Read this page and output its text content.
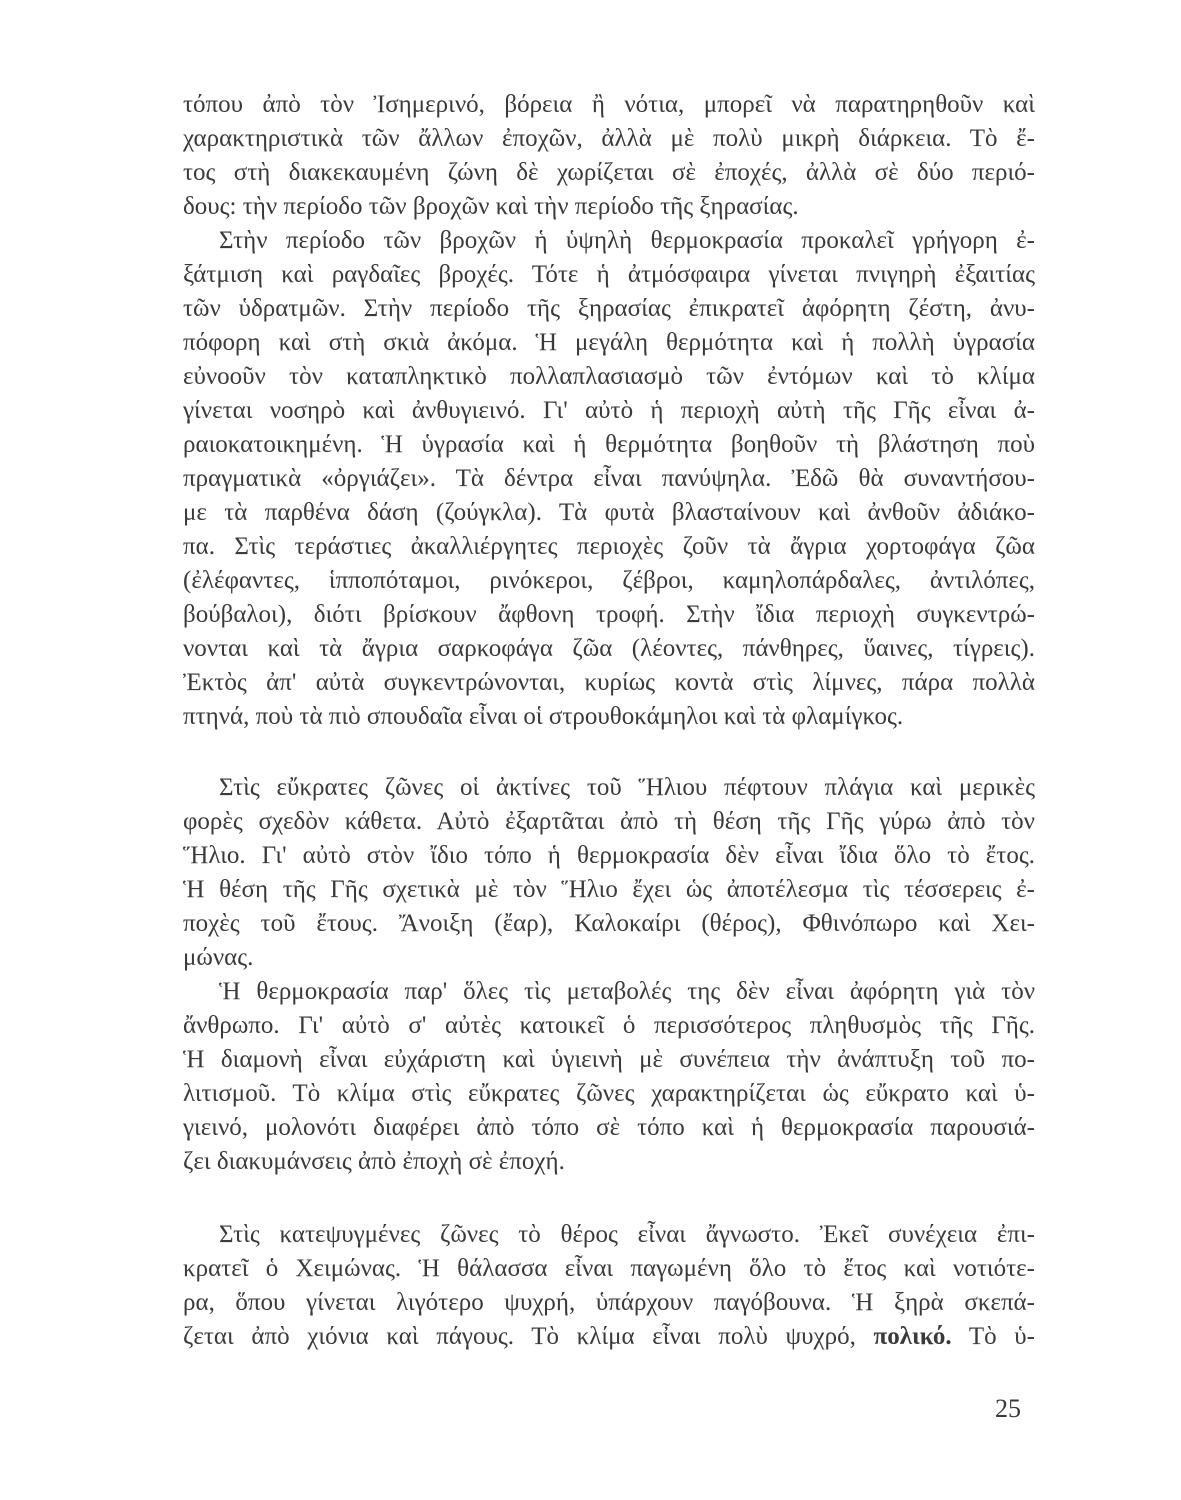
τόπου ἀπὸ τὸν Ἰσημερινό, βόρεια ἢ νότια, μπορεῖ νὰ παρατηρηθοῦν καὶ
χαρακτηριστικὰ τῶν ἄλλων ἐποχῶν, ἀλλὰ μὲ πολὺ μικρὴ διάρκεια. Τὸ ἔ-
τος στὴ διακεκαυμένη ζώνη δὲ χωρίζεται σὲ ἐποχές, ἀλλὰ σὲ δύο περιό-
δους: τὴν περίοδο τῶν βροχῶν καὶ τὴν περίοδο τῆς ξηρασίας.
Στὴν περίοδο τῶν βροχῶν ἡ ὑψηλὴ θερμοκρασία προκαλεῖ γρήγορη ἐ-
ξάτμιση καὶ ραγδαῖες βροχές. Τότε ἡ ἀτμόσφαιρα γίνεται πνιγηρὴ ἐξαιτίας
τῶν ὑδρατμῶν. Στὴν περίοδο τῆς ξηρασίας ἐπικρατεῖ ἀφόρητη ζέστη, ἀνυ-
πόφορη καὶ στὴ σκιὰ ἀκόμα. Ἡ μεγάλη θερμότητα καὶ ἡ πολλὴ ὑγρασία
εὐνοοῦν τὸν καταπληκτικὸ πολλαπλασιασμὸ τῶν ἐντόμων καὶ τὸ κλίμα
γίνεται νοσηρὸ καὶ ἀνθυγιεινό. Γι' αὐτὸ ἡ περιοχὴ αὐτὴ τῆς Γῆς εἶναι ἀ-
ραιοκατοικημένη. Ἡ ὑγρασία καὶ ἡ θερμότητα βοηθοῦν τὴ βλάστηση ποὺ
πραγματικὰ «ὀργιάζει». Τὰ δέντρα εἶναι πανύψηλα. Ἐδῶ θὰ συναντήσου-
με τὰ παρθένα δάση (ζούγκλα). Τὰ φυτὰ βλασταίνουν καὶ ἀνθοῦν ἀδιάκο-
πα. Στὶς τεράστιες ἀκαλλιέργητες περιοχὲς ζοῦν τὰ ἄγρια χορτοφάγα ζῶα
(ἐλέφαντες, ἱπποπόταμοι, ρινόκεροι, ζέβροι, καμηλοπάρδαλες, ἀντιλόπες,
βούβαλοι), διότι βρίσκουν ἄφθονη τροφή. Στὴν ἴδια περιοχὴ συγκεντρώ-
νονται καὶ τὰ ἄγρια σαρκοφάγα ζῶα (λέοντες, πάνθηρες, ὕαινες, τίγρεις).
Ἐκτὸς ἀπ' αὐτὰ συγκεντρώνονται, κυρίως κοντὰ στὶς λίμνες, πάρα πολλὰ
πτηνά, ποὺ τὰ πιὸ σπουδαῖα εἶναι οἱ στρουθοκάμηλοι καὶ τὰ φλαμίγκος.
Στὶς εὔκρατες ζῶνες οἱ ἀκτίνες τοῦ Ἥλιου πέφτουν πλάγια καὶ μερικὲς
φορὲς σχεδὸν κάθετα. Αὐτὸ ἐξαρτᾶται ἀπὸ τὴ θέση τῆς Γῆς γύρω ἀπὸ τὸν
Ἥλιο. Γι' αὐτὸ στὸν ἴδιο τόπο ἡ θερμοκρασία δὲν εἶναι ἴδια ὅλο τὸ ἔτος.
Ἡ θέση τῆς Γῆς σχετικὰ μὲ τὸν Ἥλιο ἔχει ὡς ἀποτέλεσμα τὶς τέσσερεις ἐ-
ποχὲς τοῦ ἔτους. Ἄνοιξη (ἔαρ), Καλοκαίρι (θέρος), Φθινόπωρο καὶ Χει-
μώνας.
Ἡ θερμοκρασία παρ' ὅλες τὶς μεταβολές της δὲν εἶναι ἀφόρητη γιὰ τὸν
ἄνθρωπο. Γι' αὐτὸ σ' αὐτὲς κατοικεῖ ὁ περισσότερος πληθυσμὸς τῆς Γῆς.
Ἡ διαμονὴ εἶναι εὐχάριστη καὶ ὑγιεινὴ μὲ συνέπεια τὴν ἀνάπτυξη τοῦ πο-
λιτισμοῦ. Τὸ κλίμα στὶς εὔκρατες ζῶνες χαρακτηρίζεται ὡς εὔκρατο καὶ ὑ-
γιεινό, μολονότι διαφέρει ἀπὸ τόπο σὲ τόπο καὶ ἡ θερμοκρασία παρουσιά-
ζει διακυμάνσεις ἀπὸ ἐποχὴ σὲ ἐποχή.
Στὶς κατεψυγμένες ζῶνες τὸ θέρος εἶναι ἄγνωστο. Ἐκεῖ συνέχεια ἐπι-
κρατεῖ ὁ Χειμώνας. Ἡ θάλασσα εἶναι παγωμένη ὅλο τὸ ἔτος καὶ νοτιότε-
ρα, ὅπου γίνεται λιγότερο ψυχρή, ὑπάρχουν παγόβουνα. Ἡ ξηρὰ σκεπά-
ζεται ἀπὸ χιόνια καὶ πάγους. Τὸ κλίμα εἶναι πολὺ ψυχρό, πολικό. Τὸ ὑ-
25
